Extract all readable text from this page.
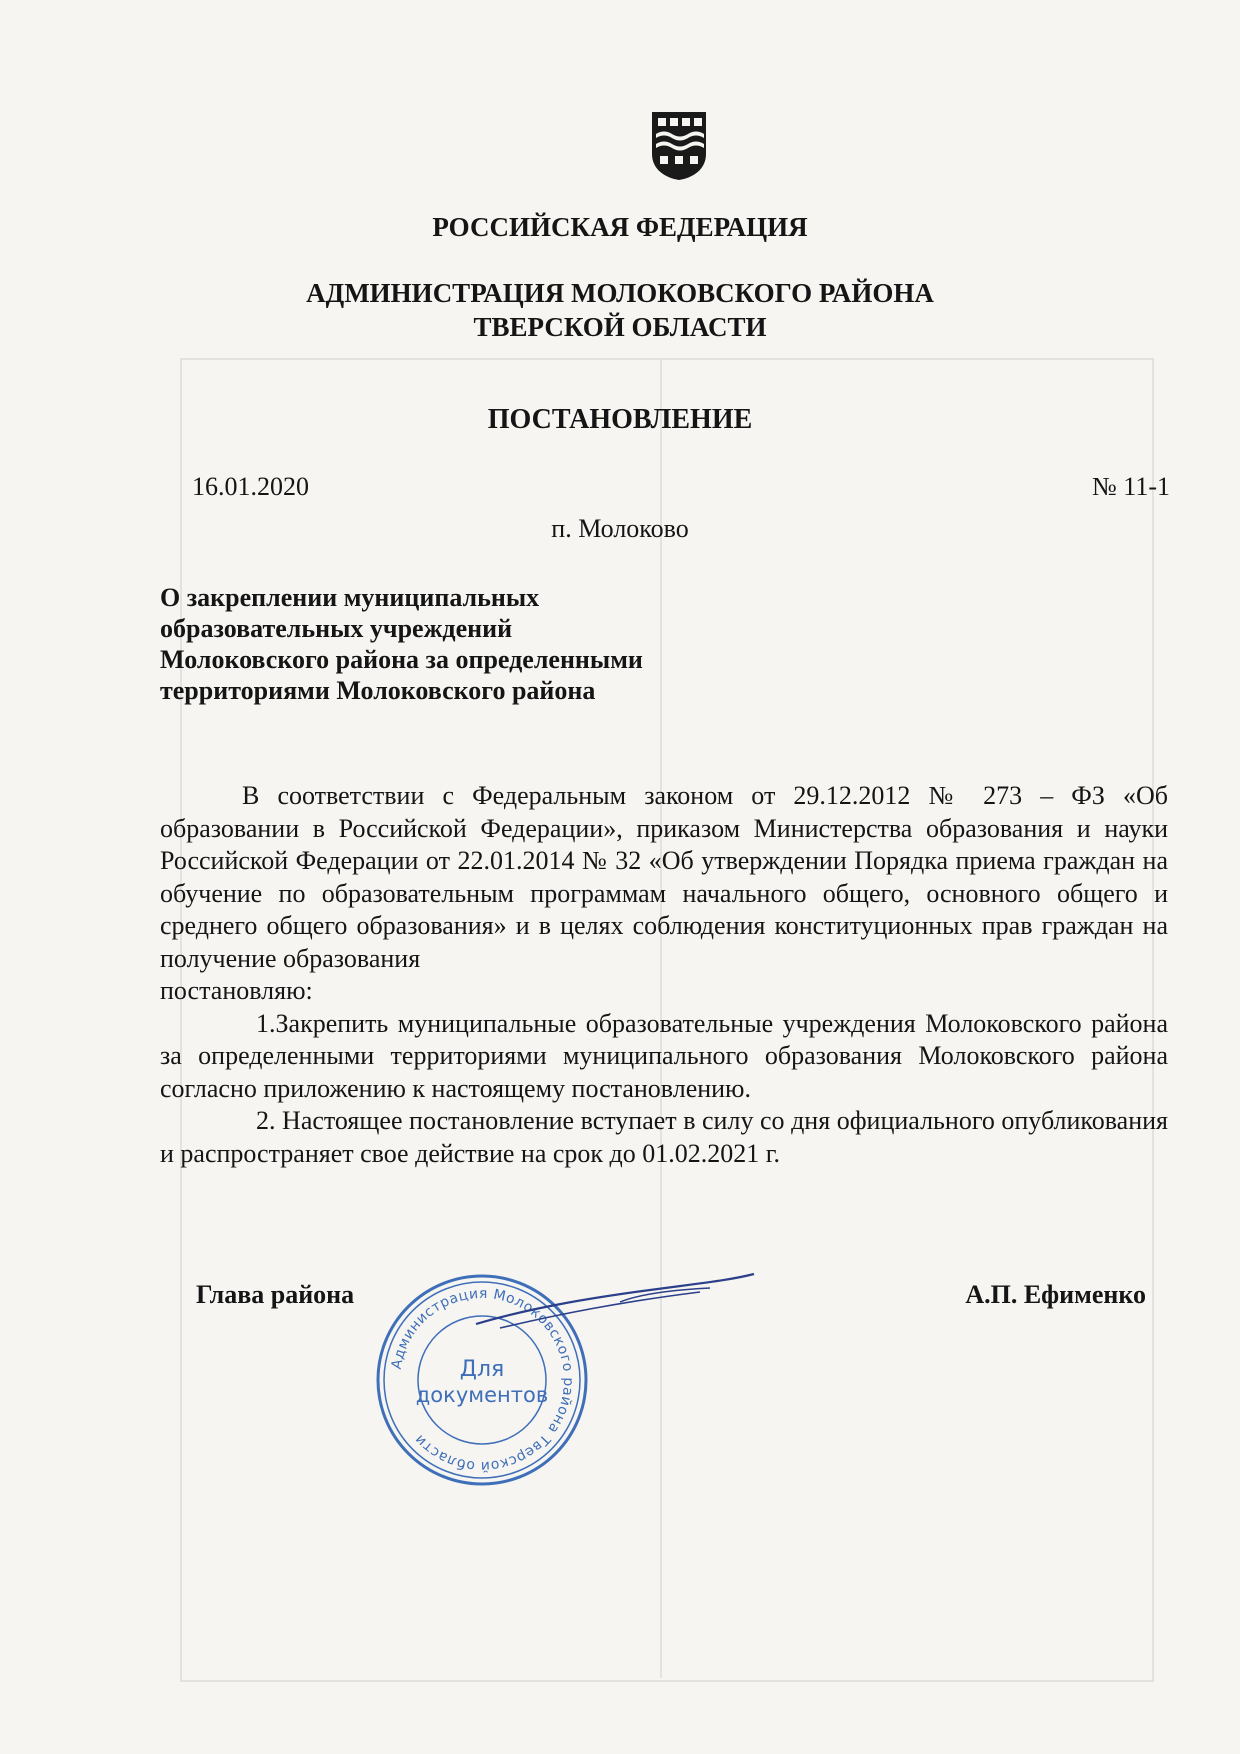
РОССИЙСКАЯ ФЕДЕРАЦИЯ
АДМИНИСТРАЦИЯ МОЛОКОВСКОГО РАЙОНА
ТВЕРСКОЙ ОБЛАСТИ
ПОСТАНОВЛЕНИЕ
16.01.2020	№ 11-1
п. Молоково
О закреплении муниципальных
образовательных учреждений
Молоковского района за определенными
территориями Молоковского района

В соответствии с Федеральным законом от 29.12.2012 № 273 – ФЗ «Об образовании в Российской Федерации», приказом Министерства образования и науки Российской Федерации от 22.01.2014 № 32 «Об утверждении Порядка приема граждан на обучение по образовательным программам начального общего, основного общего и среднего общего образования» и в целях соблюдения конституционных прав граждан на получение образования

постановляю:

1.Закрепить муниципальные образовательные учреждения Молоковского района за определенными территориями муниципального образования Молоковского района согласно приложению к настоящему постановлению.

2. Настоящее постановление вступает в силу со дня официального опубликования и распространяет свое действие на срок до 01.02.2021 г.

Глава района	А.П. Ефименко
Администрация Молоковского района Тверской области
Для
документов
